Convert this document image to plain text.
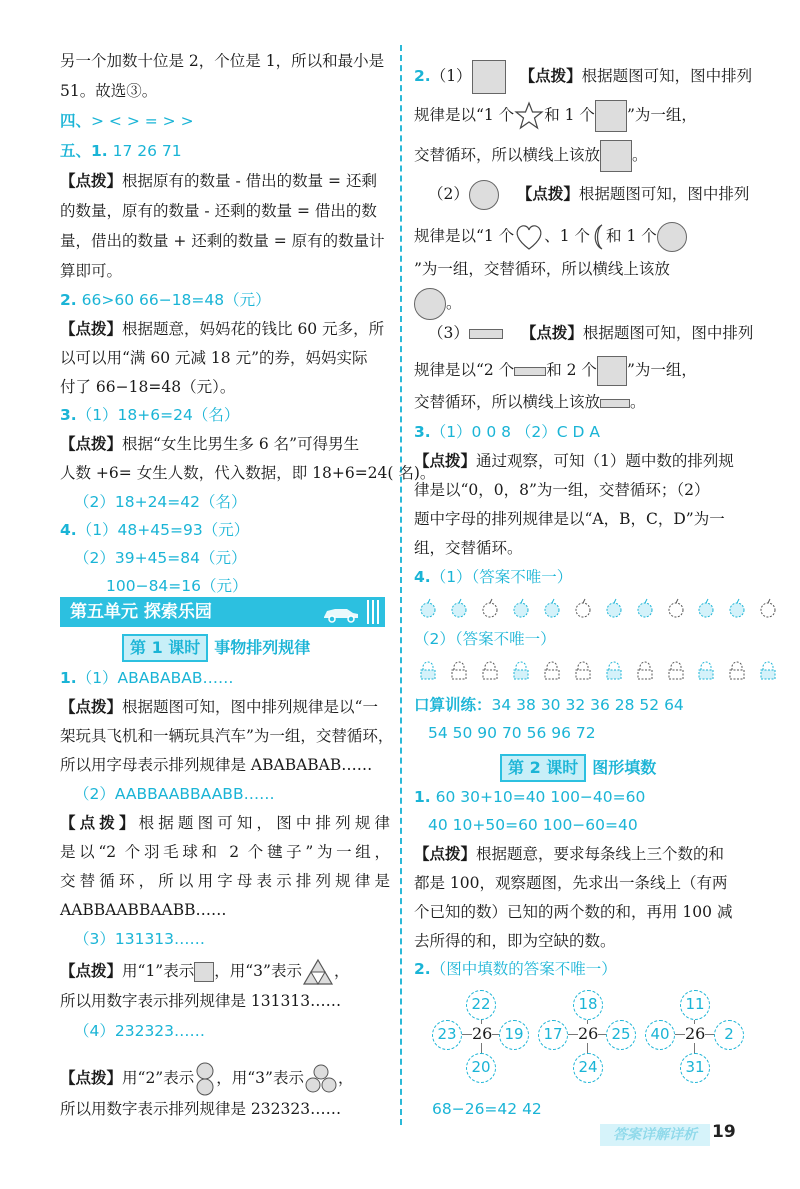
另一个加数十位是 2，个位是 1，所以和最小是
51。故选③。
四、> < > = > >
五、1. 17 26 71
【点拨】根据原有的数量 - 借出的数量 = 还剩
的数量，原有的数量 - 还剩的数量 = 借出的数
量，借出的数量 + 还剩的数量 = 原有的数量计
算即可。
2. 66>60 66−18=48（元）
【点拨】根据题意，妈妈花的钱比 60 元多，所
以可以用“满 60 元减 18 元”的券，妈妈实际
付了 66−18=48（元）。
3.（1）18+6=24（名）
【点拨】根据“女生比男生多 6 名”可得男生
人数 +6= 女生人数，代入数据，即 18+6=24( 名)。
（2）18+24=42（名）
4.（1）48+45=93（元）
（2）39+45=84（元）
100−84=16（元）
第五单元 探索乐园
第 1 课时 事物排列规律
1.（1）ABABABAB……
【点拨】根据题图可知，图中排列规律是以“一
架玩具飞机和一辆玩具汽车”为一组，交替循环，
所以用字母表示排列规律是 ABABABAB……
（2）AABBAABBAABB……
【点拨】根据题图可知，图中排列规律
是以“2 个羽毛球和 2 个毽子”为一组，
交替循环，所以用字母表示排列规律是
AABBAABBAABB……
（3）131313……
【点拨】用“1”表示 ，用“3”表示 ，
所以用数字表示排列规律是 131313……
（4）232323……
【点拨】用“2”表示 ，用“3”表示 ，
所以用数字表示排列规律是 232323……
2.（1）	【点拨】根据题图可知，图中排列
规律是以“1 个 和 1 个 ”为一组，
交替循环，所以横线上该放 。
（2）	【点拨】根据题图可知，图中排列
规律是以“1 个 、1 个 和 1 个
”为一组，交替循环，所以横线上该放
。
（3）	【点拨】根据题图可知，图中排列
规律是以“2 个 和 2 个 ”为一组，
交替循环，所以横线上该放 。
3.（1）0 0 8 （2）C D A
【点拨】通过观察，可知（1）题中数的排列规
律是以“0，0，8”为一组，交替循环；（2）
题中字母的排列规律是以“A，B，C，D”为一
组，交替循环。
4.（1）（答案不唯一）

（2）（答案不唯一）

口算训练：34 38 30 32 36 28 52 64
54 50 90 70 56 96 72
第 2 课时 图形填数
1. 60 30+10=40 100−40=60
40 10+50=60 100−60=40
【点拨】根据题意，要求每条线上三个数的和
都是 100，观察题图，先求出一条线上（有两
个已知的数）已知的两个数的和，再用 100 减
去所得的和，即为空缺的数。
2.（图中填数的答案不唯一）
22
23 26 19
20
18
17 26 25
24
11
40 26	2
31
68−26=42 42
答案详解详析 19
